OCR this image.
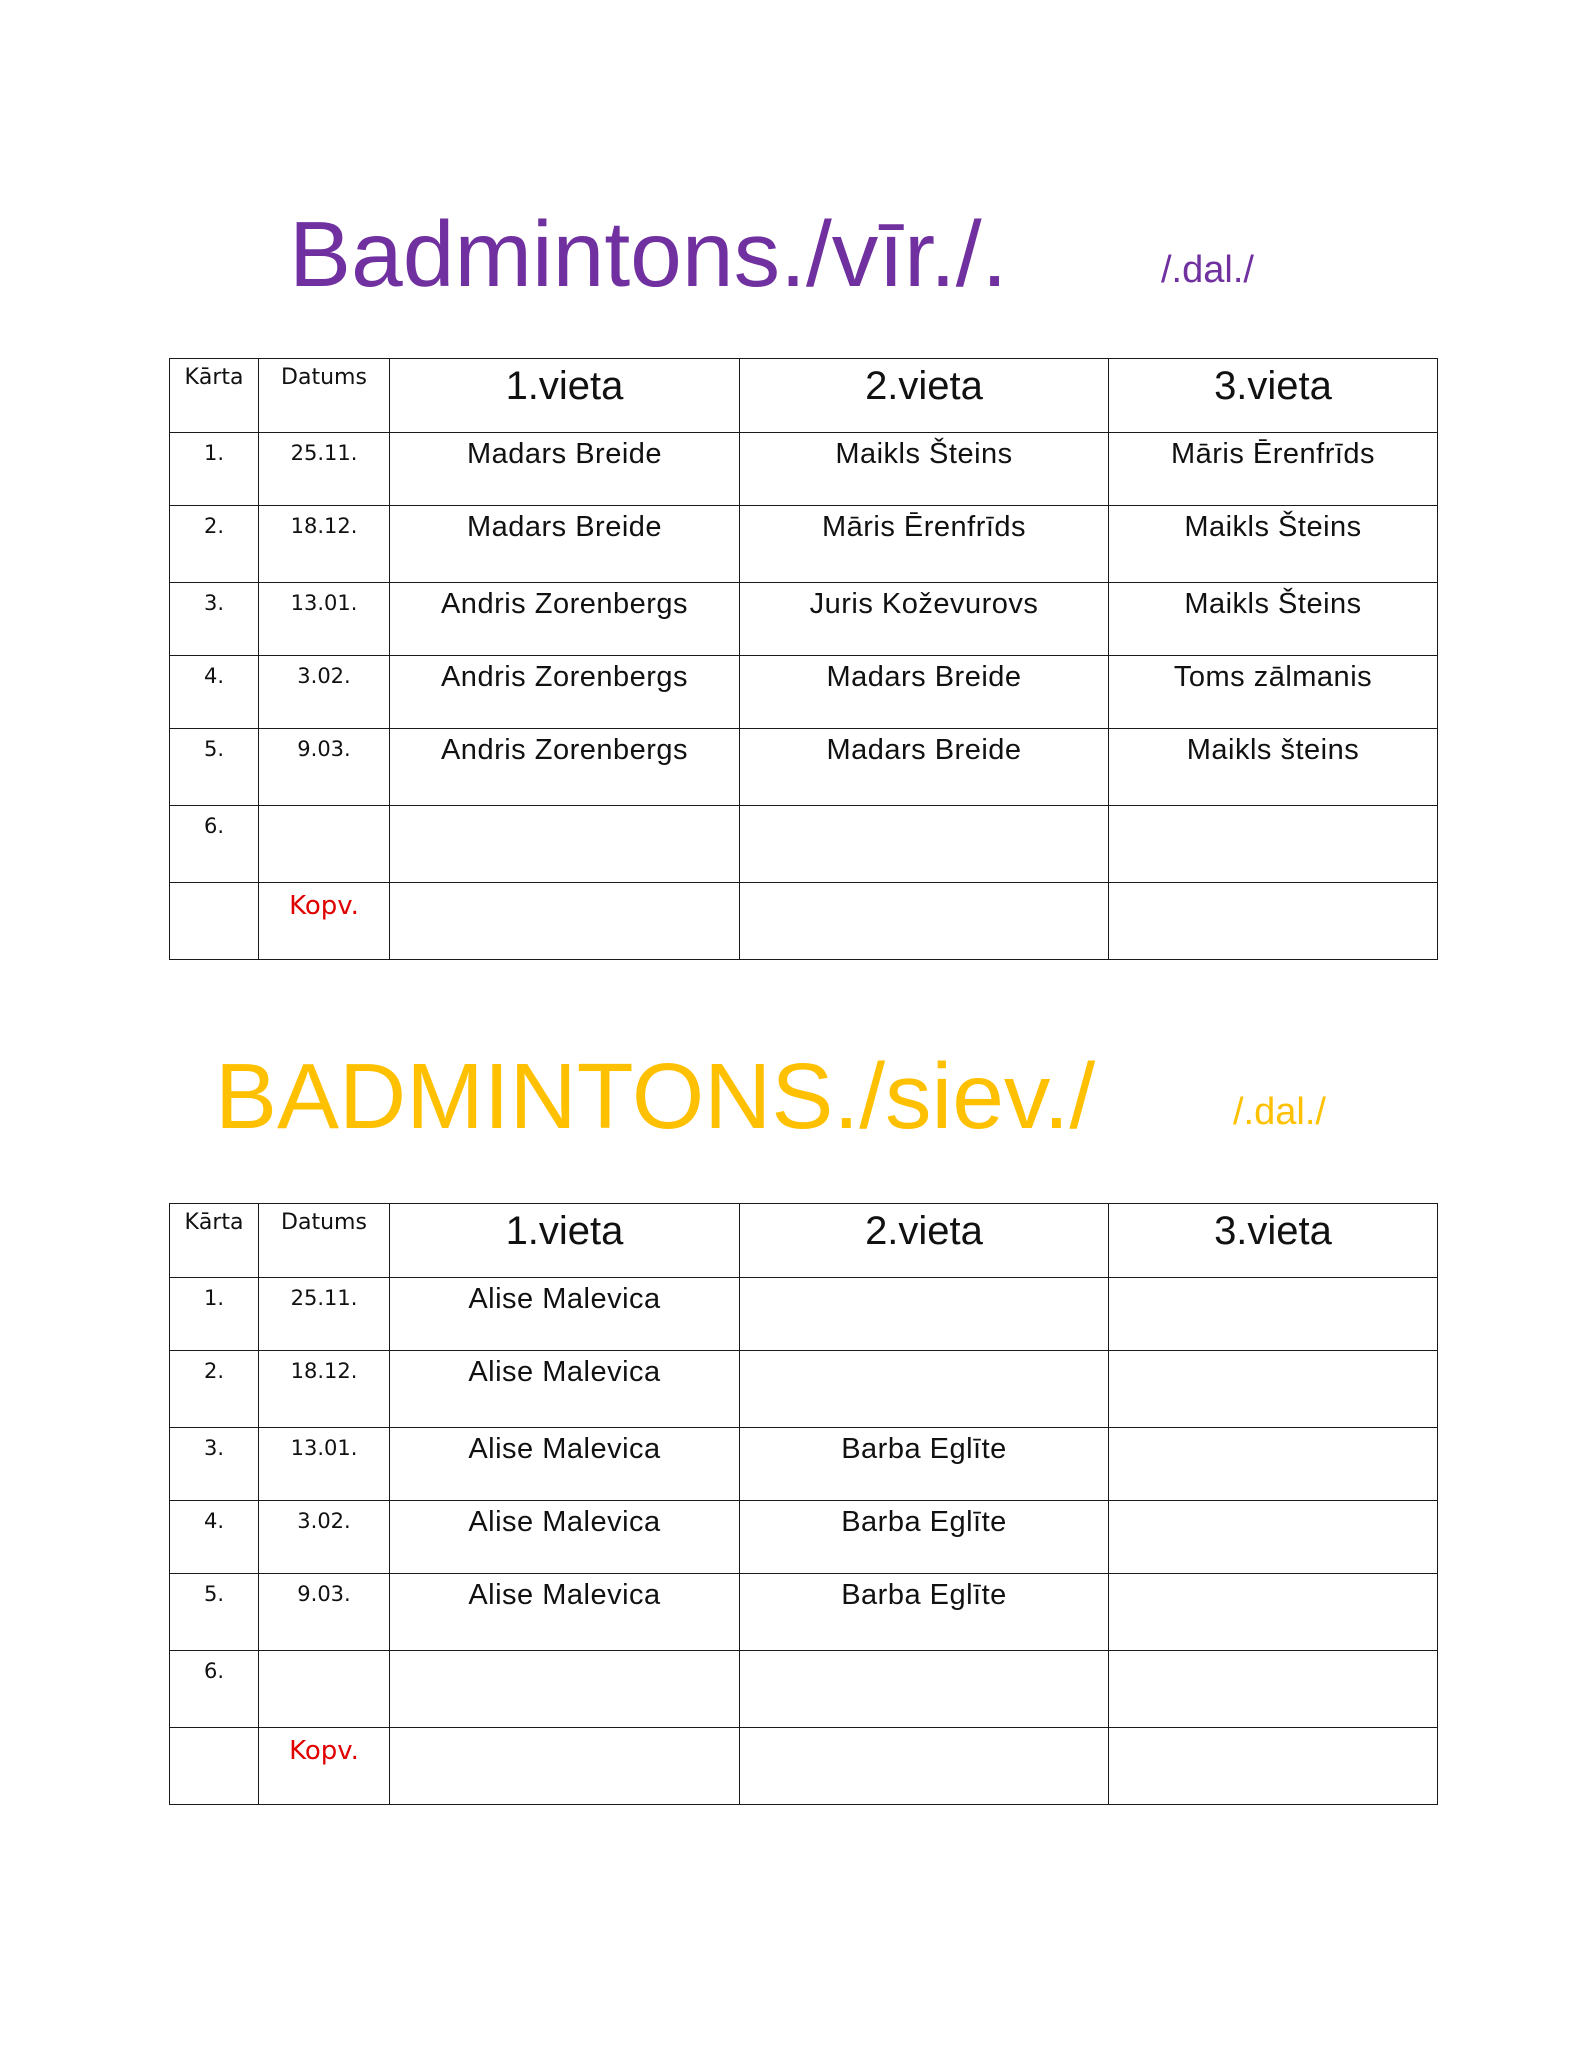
Badmintons./vīr./.	/.dal./
Kārta	Datums	1.vieta	2.vieta	3.vieta

1.	25.11.	Madars Breide	Maikls Šteins	Māris Ērenfrīds

2.	18.12.	Madars Breide	Māris Ērenfrīds	Maikls Šteins

3.	13.01.	Andris Zorenbergs	Juris Koževurovs	Maikls Šteins

4.	3.02.	Andris Zorenbergs	Madars Breide	Toms zālmanis

5.	9.03.	Andris Zorenbergs	Madars Breide	Maikls šteins

6.				

	Kopv.			

BADMINTONS./siev./	/.dal./
Kārta	Datums	1.vieta	2.vieta	3.vieta

1.	25.11.	Alise Malevica		

2.	18.12.	Alise Malevica		

3.	13.01.	Alise Malevica	Barba Eglīte	

4.	3.02.	Alise Malevica	Barba Eglīte	

5.	9.03.	Alise Malevica	Barba Eglīte	

6.				

	Kopv.			
